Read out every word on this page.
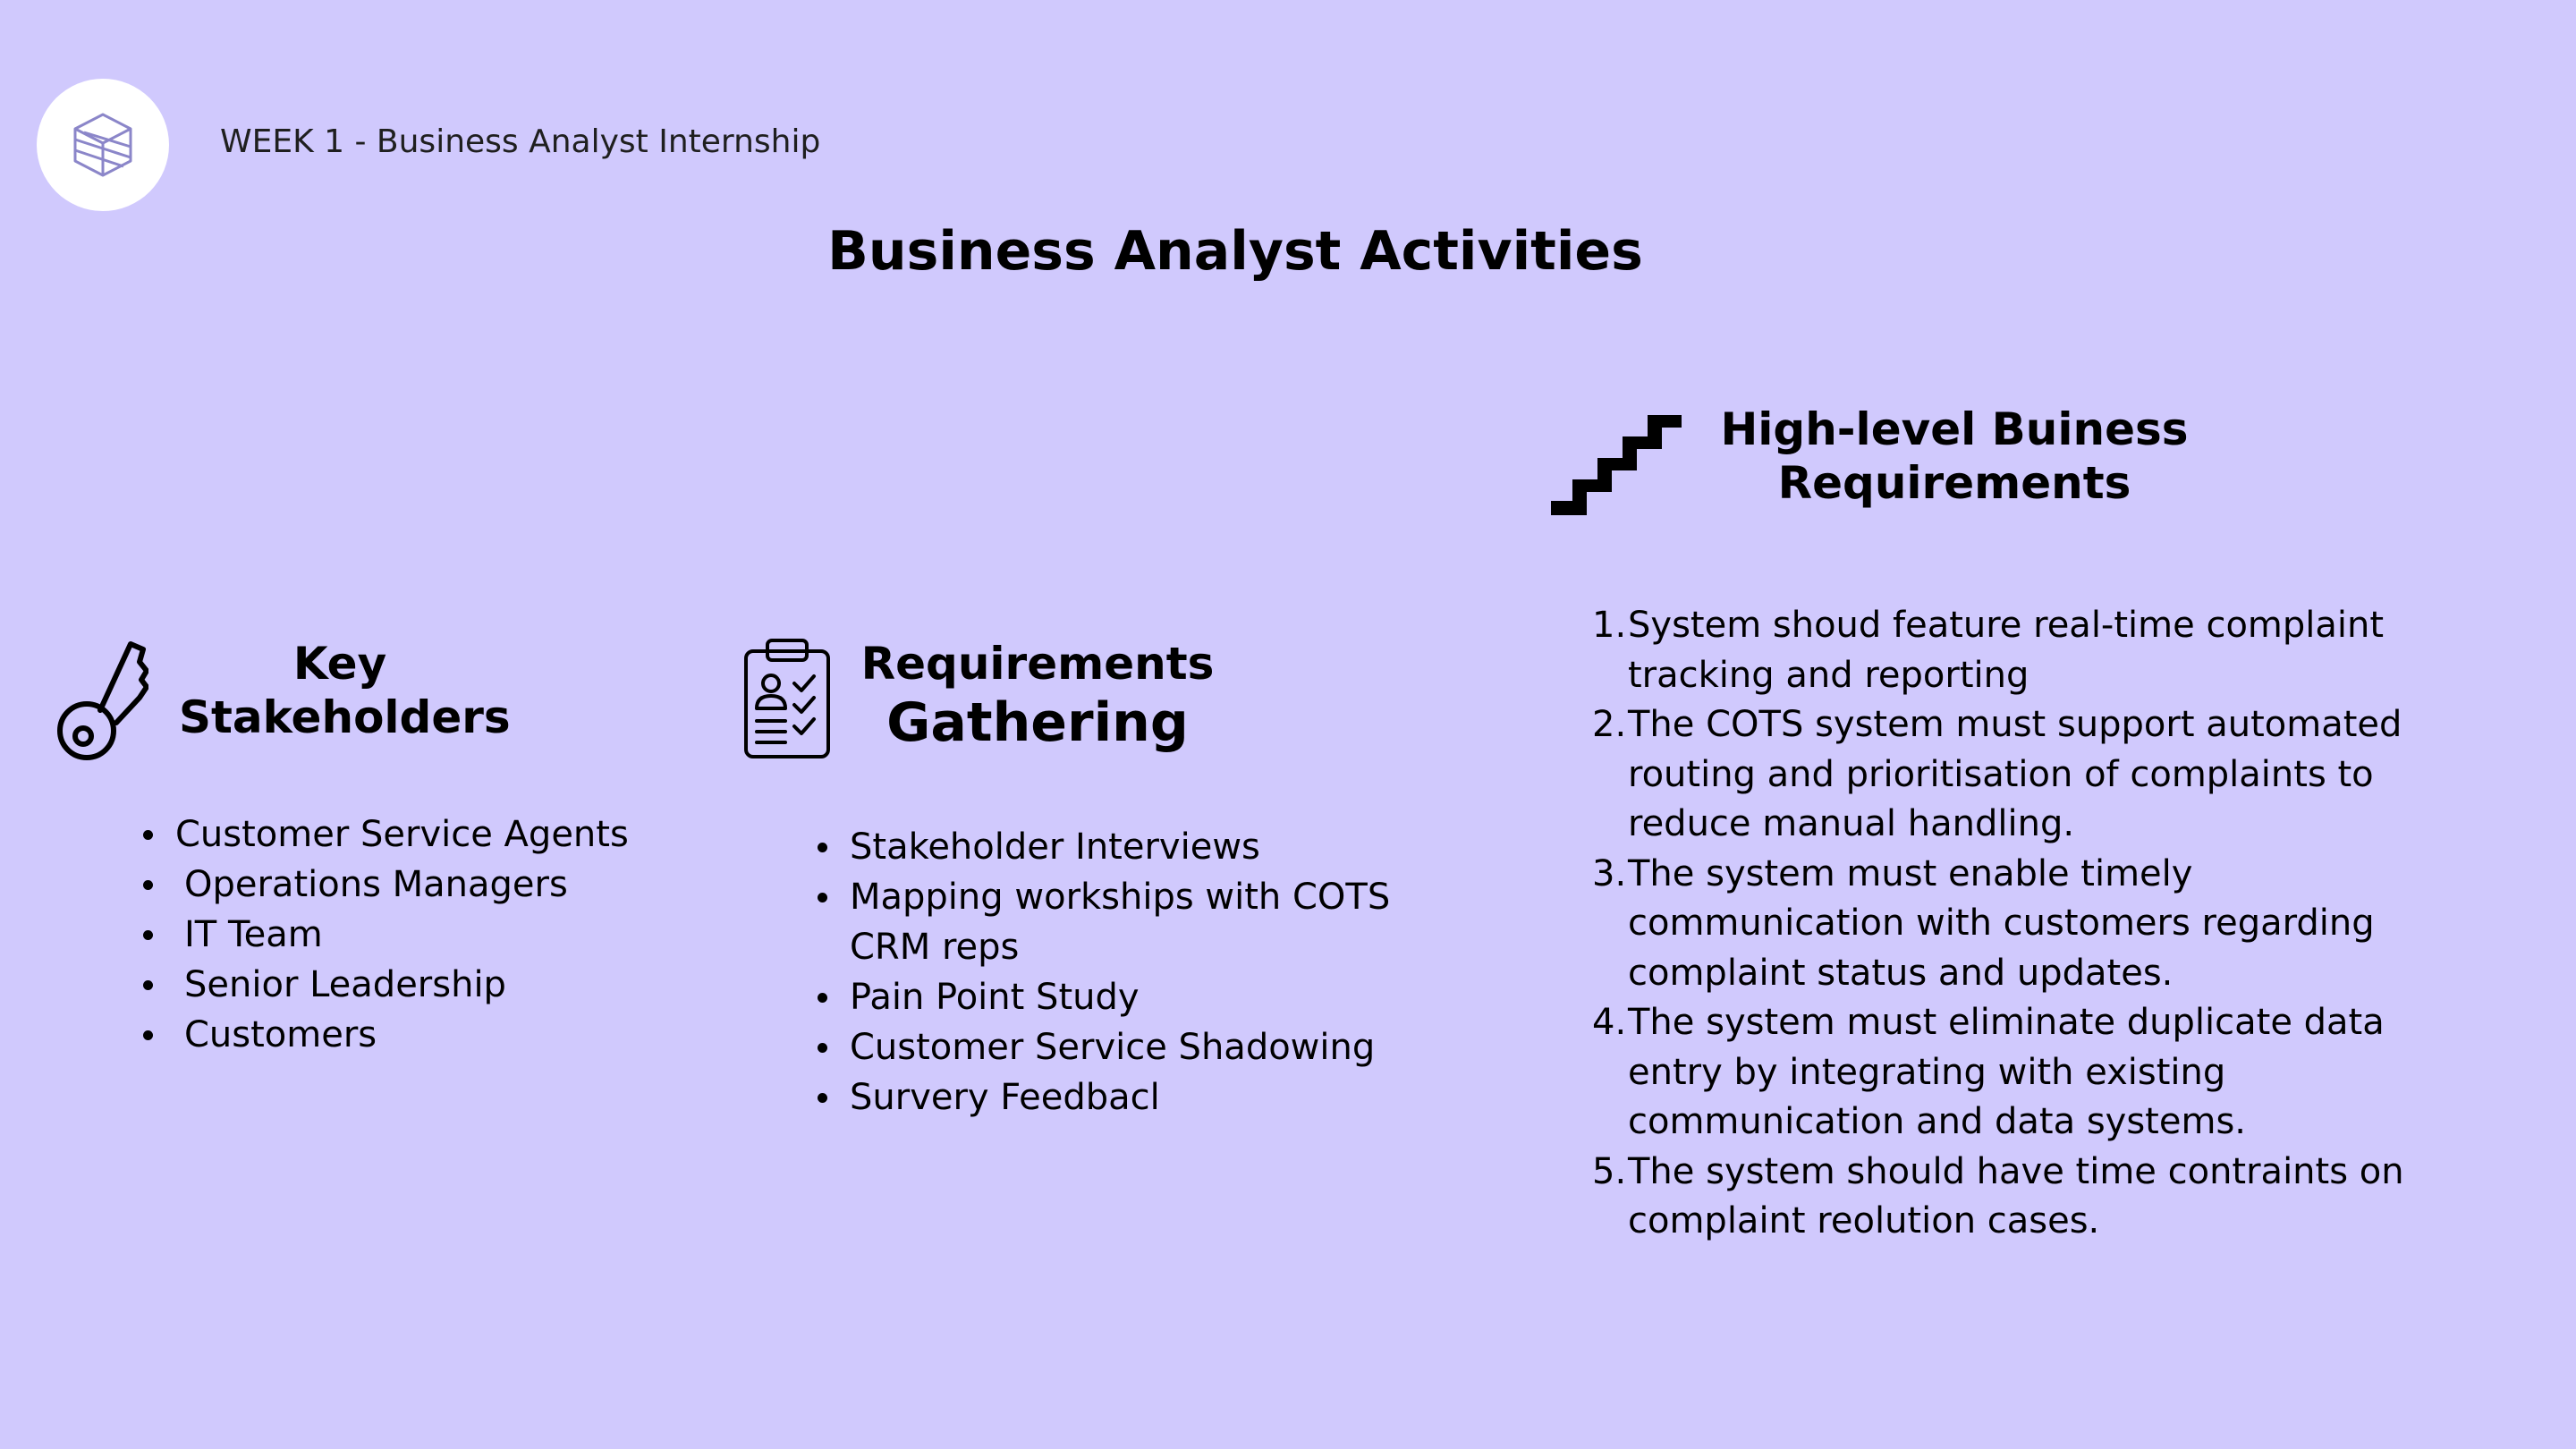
WEEK 1 - Business Analyst Internship
Business Analyst Activities
Key
Stakeholders
Customer Service Agents
Operations Managers
IT Team
Senior Leadership
Customers
Requirements
Gathering
Stakeholder Interviews
Mapping workships with COTS
CRM reps
Pain Point Study
Customer Service Shadowing
Survery Feedbacl
High-level Buiness
Requirements
1. System shoud feature real-time complaint
tracking and reporting
2. The COTS system must support automated
routing and prioritisation of complaints to
reduce manual handling.
3. The system must enable timely
communication with customers regarding
complaint status and updates.
4. The system must eliminate duplicate data
entry by integrating with existing
communication and data systems.
5. The system should have time contraints on
complaint reolution cases.
